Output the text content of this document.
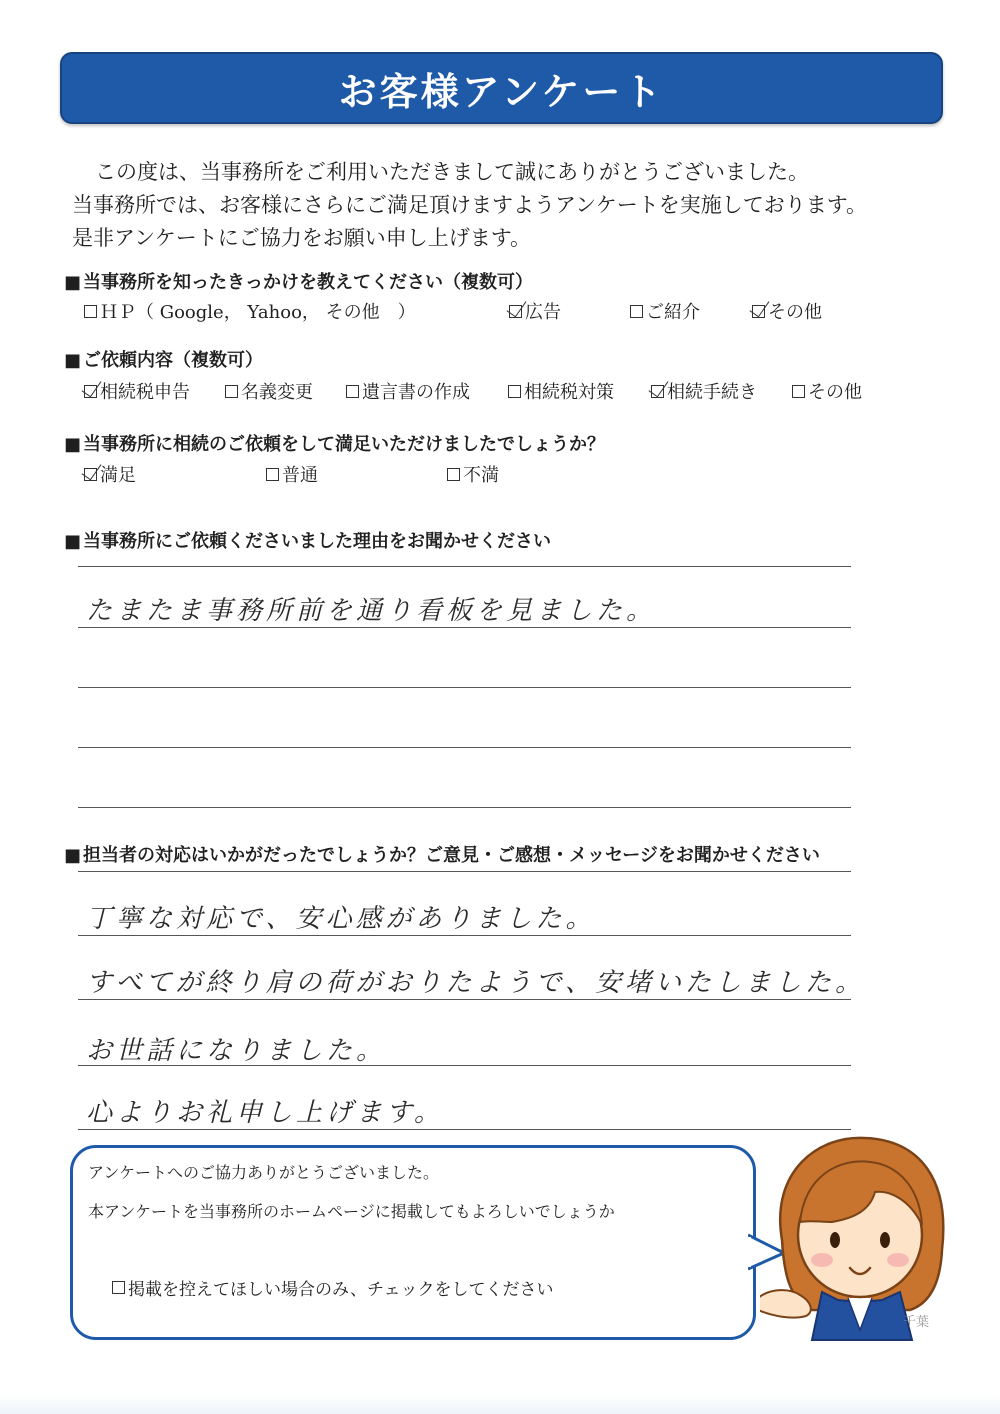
お客様アンケート
この度は、当事務所をご利用いただきまして誠にありがとうございました。
当事務所では、お客様にさらにご満足頂けますようアンケートを実施しております。
是非アンケートにご協力をお願い申し上げます。
■ 当事務所を知ったきっかけを教えてください（複数可）
ＨＰ（ Google， Yahoo， その他　）	広告	ご紹介	その他
■ ご依頼内容（複数可）
相続税申告	名義変更	遺言書の作成	相続税対策	相続手続き	その他
■ 当事務所に相続のご依頼をして満足いただけましたでしょうか？
満足	普通	不満
■ 当事務所にご依頼くださいました理由をお聞かせください
たまたま事務所前を通り看板を見ました。
■ 担当者の対応はいかがだったでしょうか？ご意見・ご感想・メッセージをお聞かせください
丁寧な対応で、安心感がありました。
すべてが終り肩の荷がおりたようで、安堵いたしました。
お世話になりました。
心よりお礼申し上げます。
アンケートへのご協力ありがとうございました。
本アンケートを当事務所のホームページに掲載してもよろしいでしょうか
掲載を控えてほしい場合のみ、チェックをしてください
千葉
